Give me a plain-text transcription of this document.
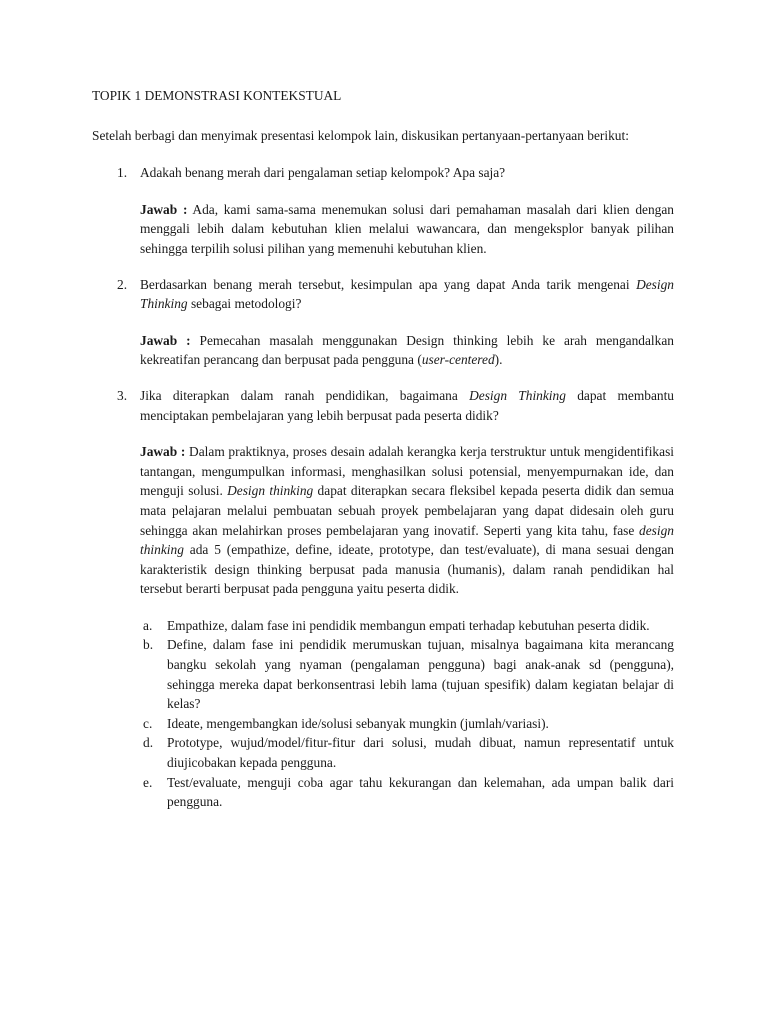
TOPIK 1 DEMONSTRASI KONTEKSTUAL

Setelah berbagi dan menyimak presentasi kelompok lain, diskusikan pertanyaan-pertanyaan berikut:

1. Adakah benang merah dari pengalaman setiap kelompok? Apa saja?

Jawab : Ada, kami sama-sama menemukan solusi dari pemahaman masalah dari klien dengan menggali lebih dalam kebutuhan klien melalui wawancara, dan mengeksplor banyak pilihan sehingga terpilih solusi pilihan yang memenuhi kebutuhan klien.

2. Berdasarkan benang merah tersebut, kesimpulan apa yang dapat Anda tarik mengenai Design Thinking sebagai metodologi?

Jawab : Pemecahan masalah menggunakan Design thinking lebih ke arah mengandalkan kekreatifan perancang dan berpusat pada pengguna (user-centered).

3. Jika diterapkan dalam ranah pendidikan, bagaimana Design Thinking dapat membantu menciptakan pembelajaran yang lebih berpusat pada peserta didik?

Jawab : Dalam praktiknya, proses desain adalah kerangka kerja terstruktur untuk mengidentifikasi tantangan, mengumpulkan informasi, menghasilkan solusi potensial, menyempurnakan ide, dan menguji solusi. Design thinking dapat diterapkan secara fleksibel kepada peserta didik dan semua mata pelajaran melalui pembuatan sebuah proyek pembelajaran yang dapat didesain oleh guru sehingga akan melahirkan proses pembelajaran yang inovatif. Seperti yang kita tahu, fase design thinking ada 5 (empathize, define, ideate, prototype, dan test/evaluate), di mana sesuai dengan karakteristik design thinking berpusat pada manusia (humanis), dalam ranah pendidikan hal tersebut berarti berpusat pada pengguna yaitu peserta didik.

a. Empathize, dalam fase ini pendidik membangun empati terhadap kebutuhan peserta didik.
b. Define, dalam fase ini pendidik merumuskan tujuan, misalnya bagaimana kita merancang bangku sekolah yang nyaman (pengalaman pengguna) bagi anak-anak sd (pengguna), sehingga mereka dapat berkonsentrasi lebih lama (tujuan spesifik) dalam kegiatan belajar di kelas?
c. Ideate, mengembangkan ide/solusi sebanyak mungkin (jumlah/variasi).
d. Prototype, wujud/model/fitur-fitur dari solusi, mudah dibuat, namun representatif untuk diujicobakan kepada pengguna.
e. Test/evaluate, menguji coba agar tahu kekurangan dan kelemahan, ada umpan balik dari pengguna.
